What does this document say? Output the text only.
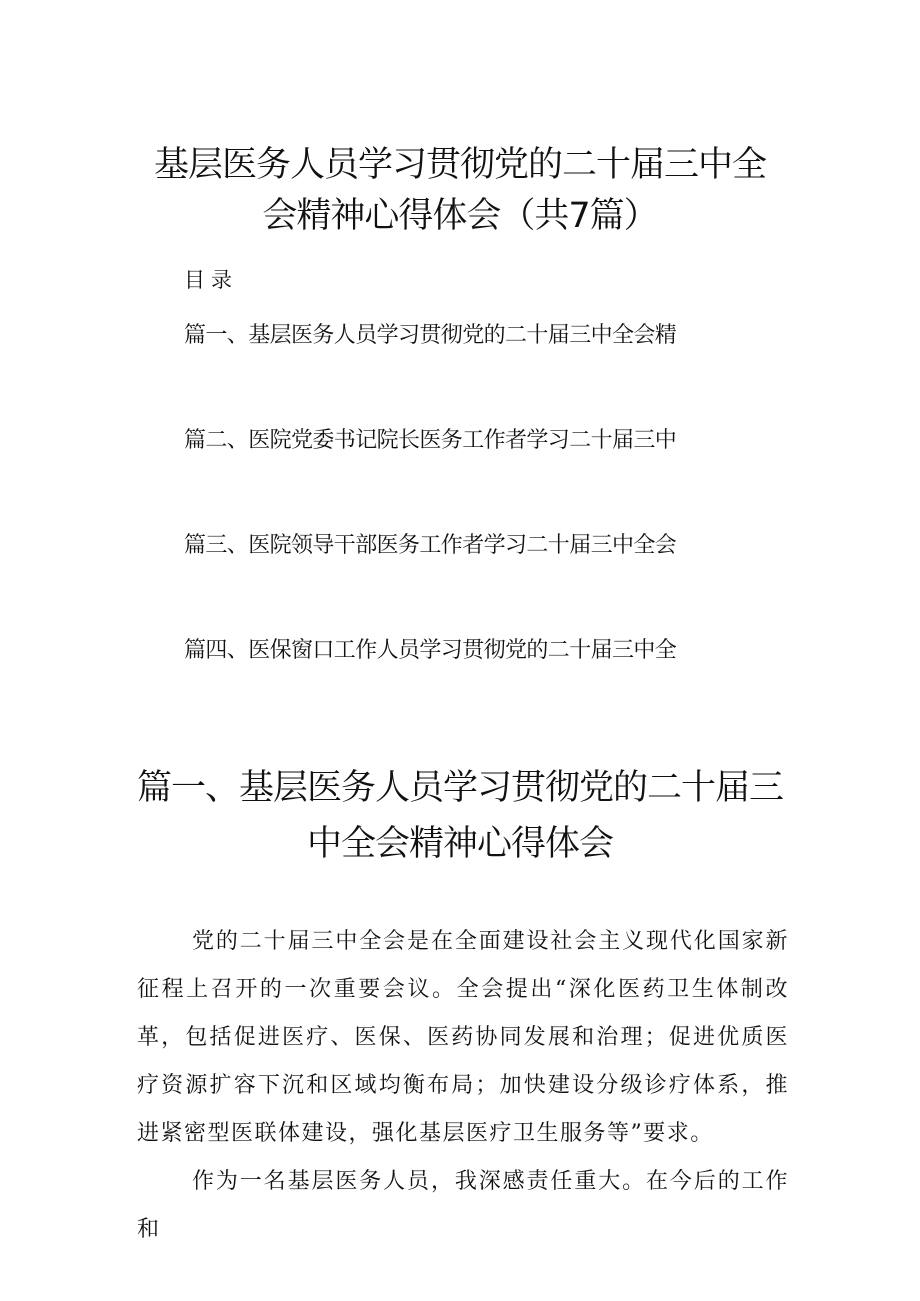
基层医务人员学习贯彻党的二十届三中全
会精神心得体会（共7篇）
目录
篇一、基层医务人员学习贯彻党的二十届三中全会精
篇二、医院党委书记院长医务工作者学习二十届三中
篇三、医院领导干部医务工作者学习二十届三中全会
篇四、医保窗口工作人员学习贯彻党的二十届三中全
篇一、基层医务人员学习贯彻党的二十届三
中全会精神心得体会

党的二十届三中全会是在全面建设社会主义现代化国家新征程上召开的一次重要会议。全会提出“深化医药卫生体制改革，包括促进医疗、医保、医药协同发展和治理；促进优质医疗资源扩容下沉和区域均衡布局；加快建设分级诊疗体系，推进紧密型医联体建设，强化基层医疗卫生服务等”要求。

作为一名基层医务人员，我深感责任重大。在今后的工作和
